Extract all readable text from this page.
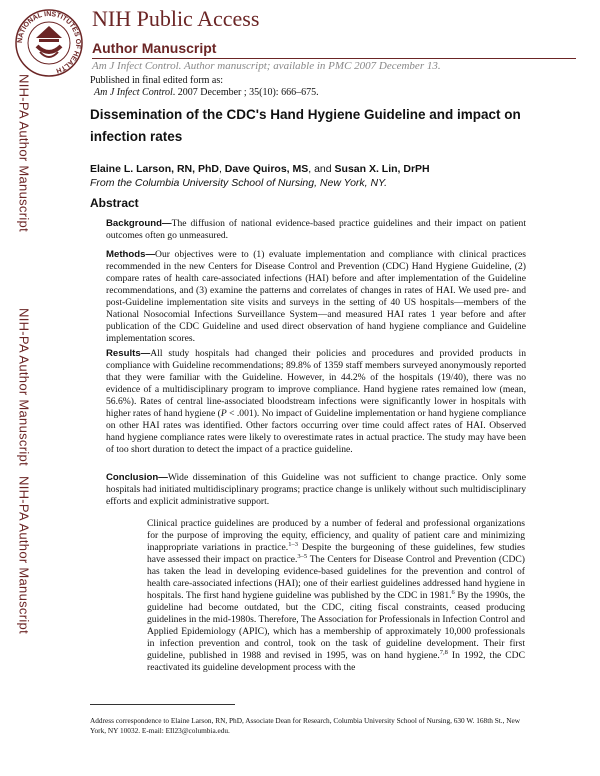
NATIONAL INSTITUTES OF HEALTH
NIH Public Access
Author Manuscript
Am J Infect Control. Author manuscript; available in PMC 2007 December 13.
NIH-PA Author Manuscript
NIH-PA Author Manuscript
NIH-PA Author Manuscript
Published in final edited form as:
Am J Infect Control. 2007 December ; 35(10): 666–675.
Dissemination of the CDC's Hand Hygiene Guideline and impact on infection rates
Elaine L. Larson, RN, PhD, Dave Quiros, MS, and Susan X. Lin, DrPH
From the Columbia University School of Nursing, New York, NY.
Abstract
Background—The diffusion of national evidence-based practice guidelines and their impact on patient outcomes often go unmeasured.
Methods—Our objectives were to (1) evaluate implementation and compliance with clinical practices recommended in the new Centers for Disease Control and Prevention (CDC) Hand Hygiene Guideline, (2) compare rates of health care-associated infections (HAI) before and after implementation of the Guideline recommendations, and (3) examine the patterns and correlates of changes in rates of HAI. We used pre- and post-Guideline implementation site visits and surveys in the setting of 40 US hospitals—members of the National Nosocomial Infections Surveillance System—and measured HAI rates 1 year before and after publication of the CDC Guideline and used direct observation of hand hygiene compliance and Guideline implementation scores.
Results—All study hospitals had changed their policies and procedures and provided products in compliance with Guideline recommendations; 89.8% of 1359 staff members surveyed anonymously reported that they were familiar with the Guideline. However, in 44.2% of the hospitals (19/40), there was no evidence of a multidisciplinary program to improve compliance. Hand hygiene rates remained low (mean, 56.6%). Rates of central line-associated bloodstream infections were significantly lower in hospitals with higher rates of hand hygiene (P < .001). No impact of Guideline implementation or hand hygiene compliance on other HAI rates was identified. Other factors occurring over time could affect rates of HAI. Observed hand hygiene compliance rates were likely to overestimate rates in actual practice. The study may have been of too short duration to detect the impact of a practice guideline.
Conclusion—Wide dissemination of this Guideline was not sufficient to change practice. Only some hospitals had initiated multidisciplinary programs; practice change is unlikely without such multidisciplinary efforts and explicit administrative support.
Clinical practice guidelines are produced by a number of federal and professional organizations for the purpose of improving the equity, efficiency, and quality of patient care and minimizing inappropriate variations in practice.$^{1-3}$ Despite the burgeoning of these guidelines, few studies have assessed their impact on practice.$^{3-5}$ The Centers for Disease Control and Prevention (CDC) has taken the lead in developing evidence-based guidelines for the prevention and control of health care-associated infections (HAI); one of their earliest guidelines addressed hand hygiene in hospitals. The first hand hygiene guideline was published by the CDC in 1981.$^6$ By the 1990s, the guideline had become outdated, but the CDC, citing fiscal constraints, ceased producing guidelines in the mid-1980s. Therefore, The Association for Professionals in Infection Control and Applied Epidemiology (APIC), which has a membership of approximately 10,000 professionals in infection prevention and control, took on the task of guideline development. Their first guideline, published in 1988 and revised in 1995, was on hand hygiene.$^{7,8}$ In 1992, the CDC reactivated its guideline development process with the
Address correspondence to Elaine Larson, RN, PhD, Associate Dean for Research, Columbia University School of Nursing, 630 W. 168th St., New York, NY 10032. E-mail: EIl23@columbia.edu.
